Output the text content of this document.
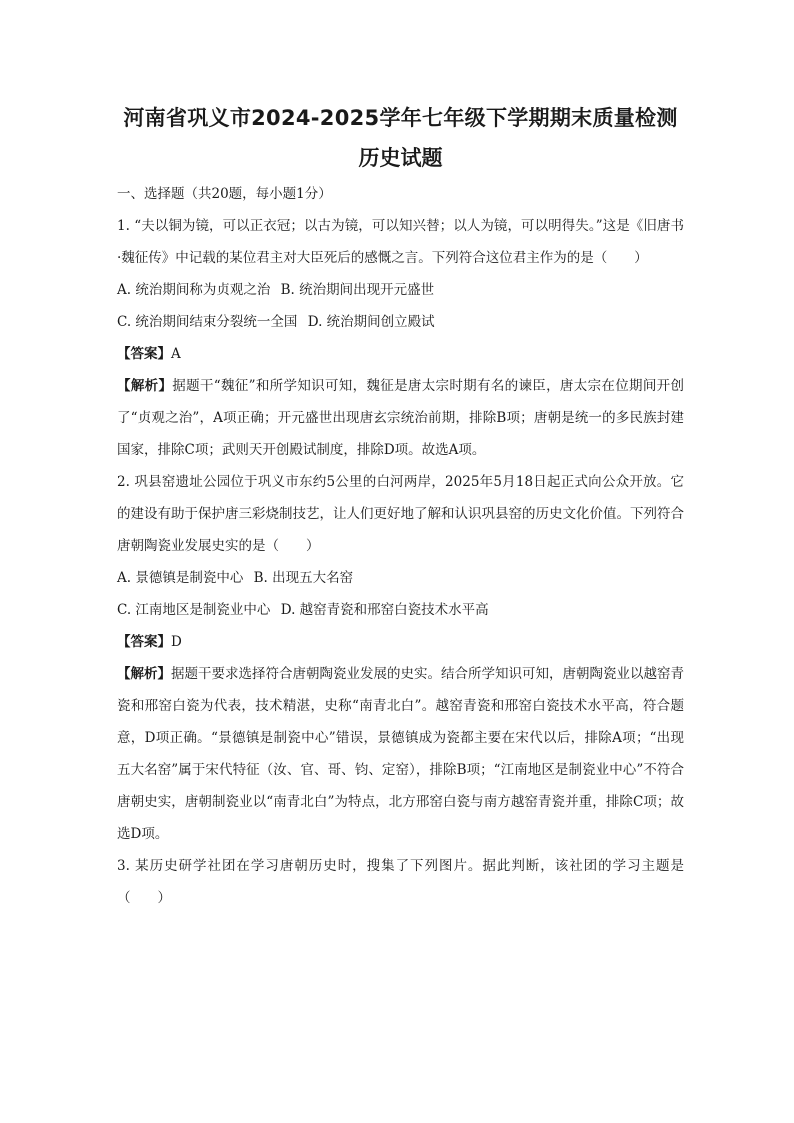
河南省巩义市2024-2025学年七年级下学期期末质量检测
历史试题

一、选择题（共20题，每小题1分）

1. “夫以铜为镜，可以正衣冠；以古为镜，可以知兴替；以人为镜，可以明得失。”这是《旧唐书·魏征传》中记载的某位君主对大臣死后的感慨之言。下列符合这位君主作为的是（　　）

A. 统治期间称为贞观之治 B. 统治期间出现开元盛世

C. 统治期间结束分裂统一全国 D. 统治期间创立殿试

【答案】A

【解析】据题干“魏征”和所学知识可知，魏征是唐太宗时期有名的谏臣，唐太宗在位期间开创了“贞观之治”，A项正确；开元盛世出现唐玄宗统治前期，排除B项；唐朝是统一的多民族封建国家，排除C项；武则天开创殿试制度，排除D项。故选A项。

2. 巩县窑遗址公园位于巩义市东约5公里的白河两岸，2025年5月18日起正式向公众开放。它的建设有助于保护唐三彩烧制技艺，让人们更好地了解和认识巩县窑的历史文化价值。下列符合唐朝陶瓷业发展史实的是（　　）

A. 景德镇是制瓷中心 B. 出现五大名窑

C. 江南地区是制瓷业中心 D. 越窑青瓷和邢窑白瓷技术水平高

【答案】D

【解析】据题干要求选择符合唐朝陶瓷业发展的史实。结合所学知识可知，唐朝陶瓷业以越窑青瓷和邢窑白瓷为代表，技术精湛，史称“南青北白”。越窑青瓷和邢窑白瓷技术水平高，符合题意，D项正确。“景德镇是制瓷中心”错误，景德镇成为瓷都主要在宋代以后，排除A项；“出现五大名窑”属于宋代特征（汝、官、哥、钧、定窑），排除B项；“江南地区是制瓷业中心”不符合唐朝史实，唐朝制瓷业以“南青北白”为特点，北方邢窑白瓷与南方越窑青瓷并重，排除C项；故选D项。

3. 某历史研学社团在学习唐朝历史时，搜集了下列图片。据此判断，该社团的学习主题是（　　）
